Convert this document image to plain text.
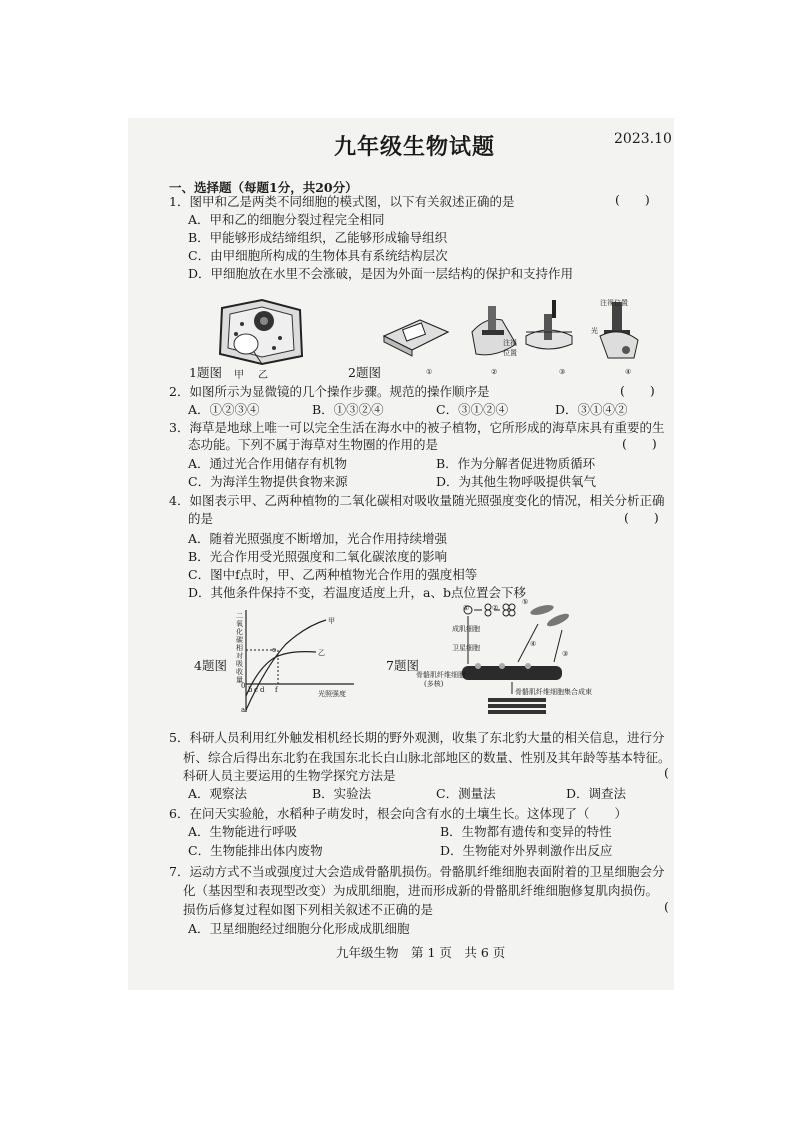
九年级生物试题	2023.10
一、选择题（每题1分，共20分）
1．图甲和乙是两类不同细胞的模式图，以下有关叙述正确的是	(　　)
A．甲和乙的细胞分裂过程完全相同
B．甲能够形成结缔组织，乙能够形成输导组织
C．由甲细胞所构成的生物体具有系统结构层次
D．甲细胞放在水里不会涨破，是因为外面一层结构的保护和支持作用
1题图 甲 乙	2题图	①	②	③	④
注视
位置
注视位置
光
2．如图所示为显微镜的几个操作步骤。规范的操作顺序是	(　　)
A．①②③④	B．①③②④	C．③①②④	D．③①④②
3．海草是地球上唯一可以完全生活在海水中的被子植物，它所形成的海草床具有重要的生
态功能。下列不属于海草对生物圈的作用的是	(　　)
A．通过光合作用储存有机物	B．作为分解者促进物质循环
C．为海洋生物提供食物来源	D．为其他生物呼吸提供氧气
4．如图表示甲、乙两种植物的二氧化碳相对吸收量随光照强度变化的情况，相关分析正确
的是	(　　)
A．随着光照强度不断增加，光合作用持续增强
B．光合作用受光照强度和二氧化碳浓度的影响
C．图中f点时，甲、乙两种植物光合作用的强度相等
D．其他条件保持不变，若温度适度上升，a、b点位置会下移
二氧化碳相对吸收量
光照强度
甲
乙
a
b c d
e
f
0
4题图	7题图
成肌细胞
卫星细胞
骨骼肌纤维细胞
(多核)
骨骼肌纤维细胞集合成束
①	②
⑤
④
③
5．科研人员利用红外触发相机经长期的野外观测，收集了东北豹大量的相关信息，进行分
析、综合后得出东北豹在我国东北长白山脉北部地区的数量、性别及其年龄等基本特征。
科研人员主要运用的生物学探究方法是	(
A．观察法	B．实验法	C．测量法	D．调查法
6．在问天实验舱，水稻种子萌发时，根会向含有水的土壤生长。这体现了（　　）
A．生物能进行呼吸	B．生物都有遗传和变异的特性
C．生物能排出体内废物	D．生物能对外界刺激作出反应
7．运动方式不当或强度过大会造成骨骼肌损伤。骨骼肌纤维细胞表面附着的卫星细胞会分
化（基因型和表现型改变）为成肌细胞，进而形成新的骨骼肌纤维细胞修复肌肉损伤。
损伤后修复过程如图下列相关叙述不正确的是	(
A．卫星细胞经过细胞分化形成成肌细胞
九年级生物　第 1 页　共 6 页
